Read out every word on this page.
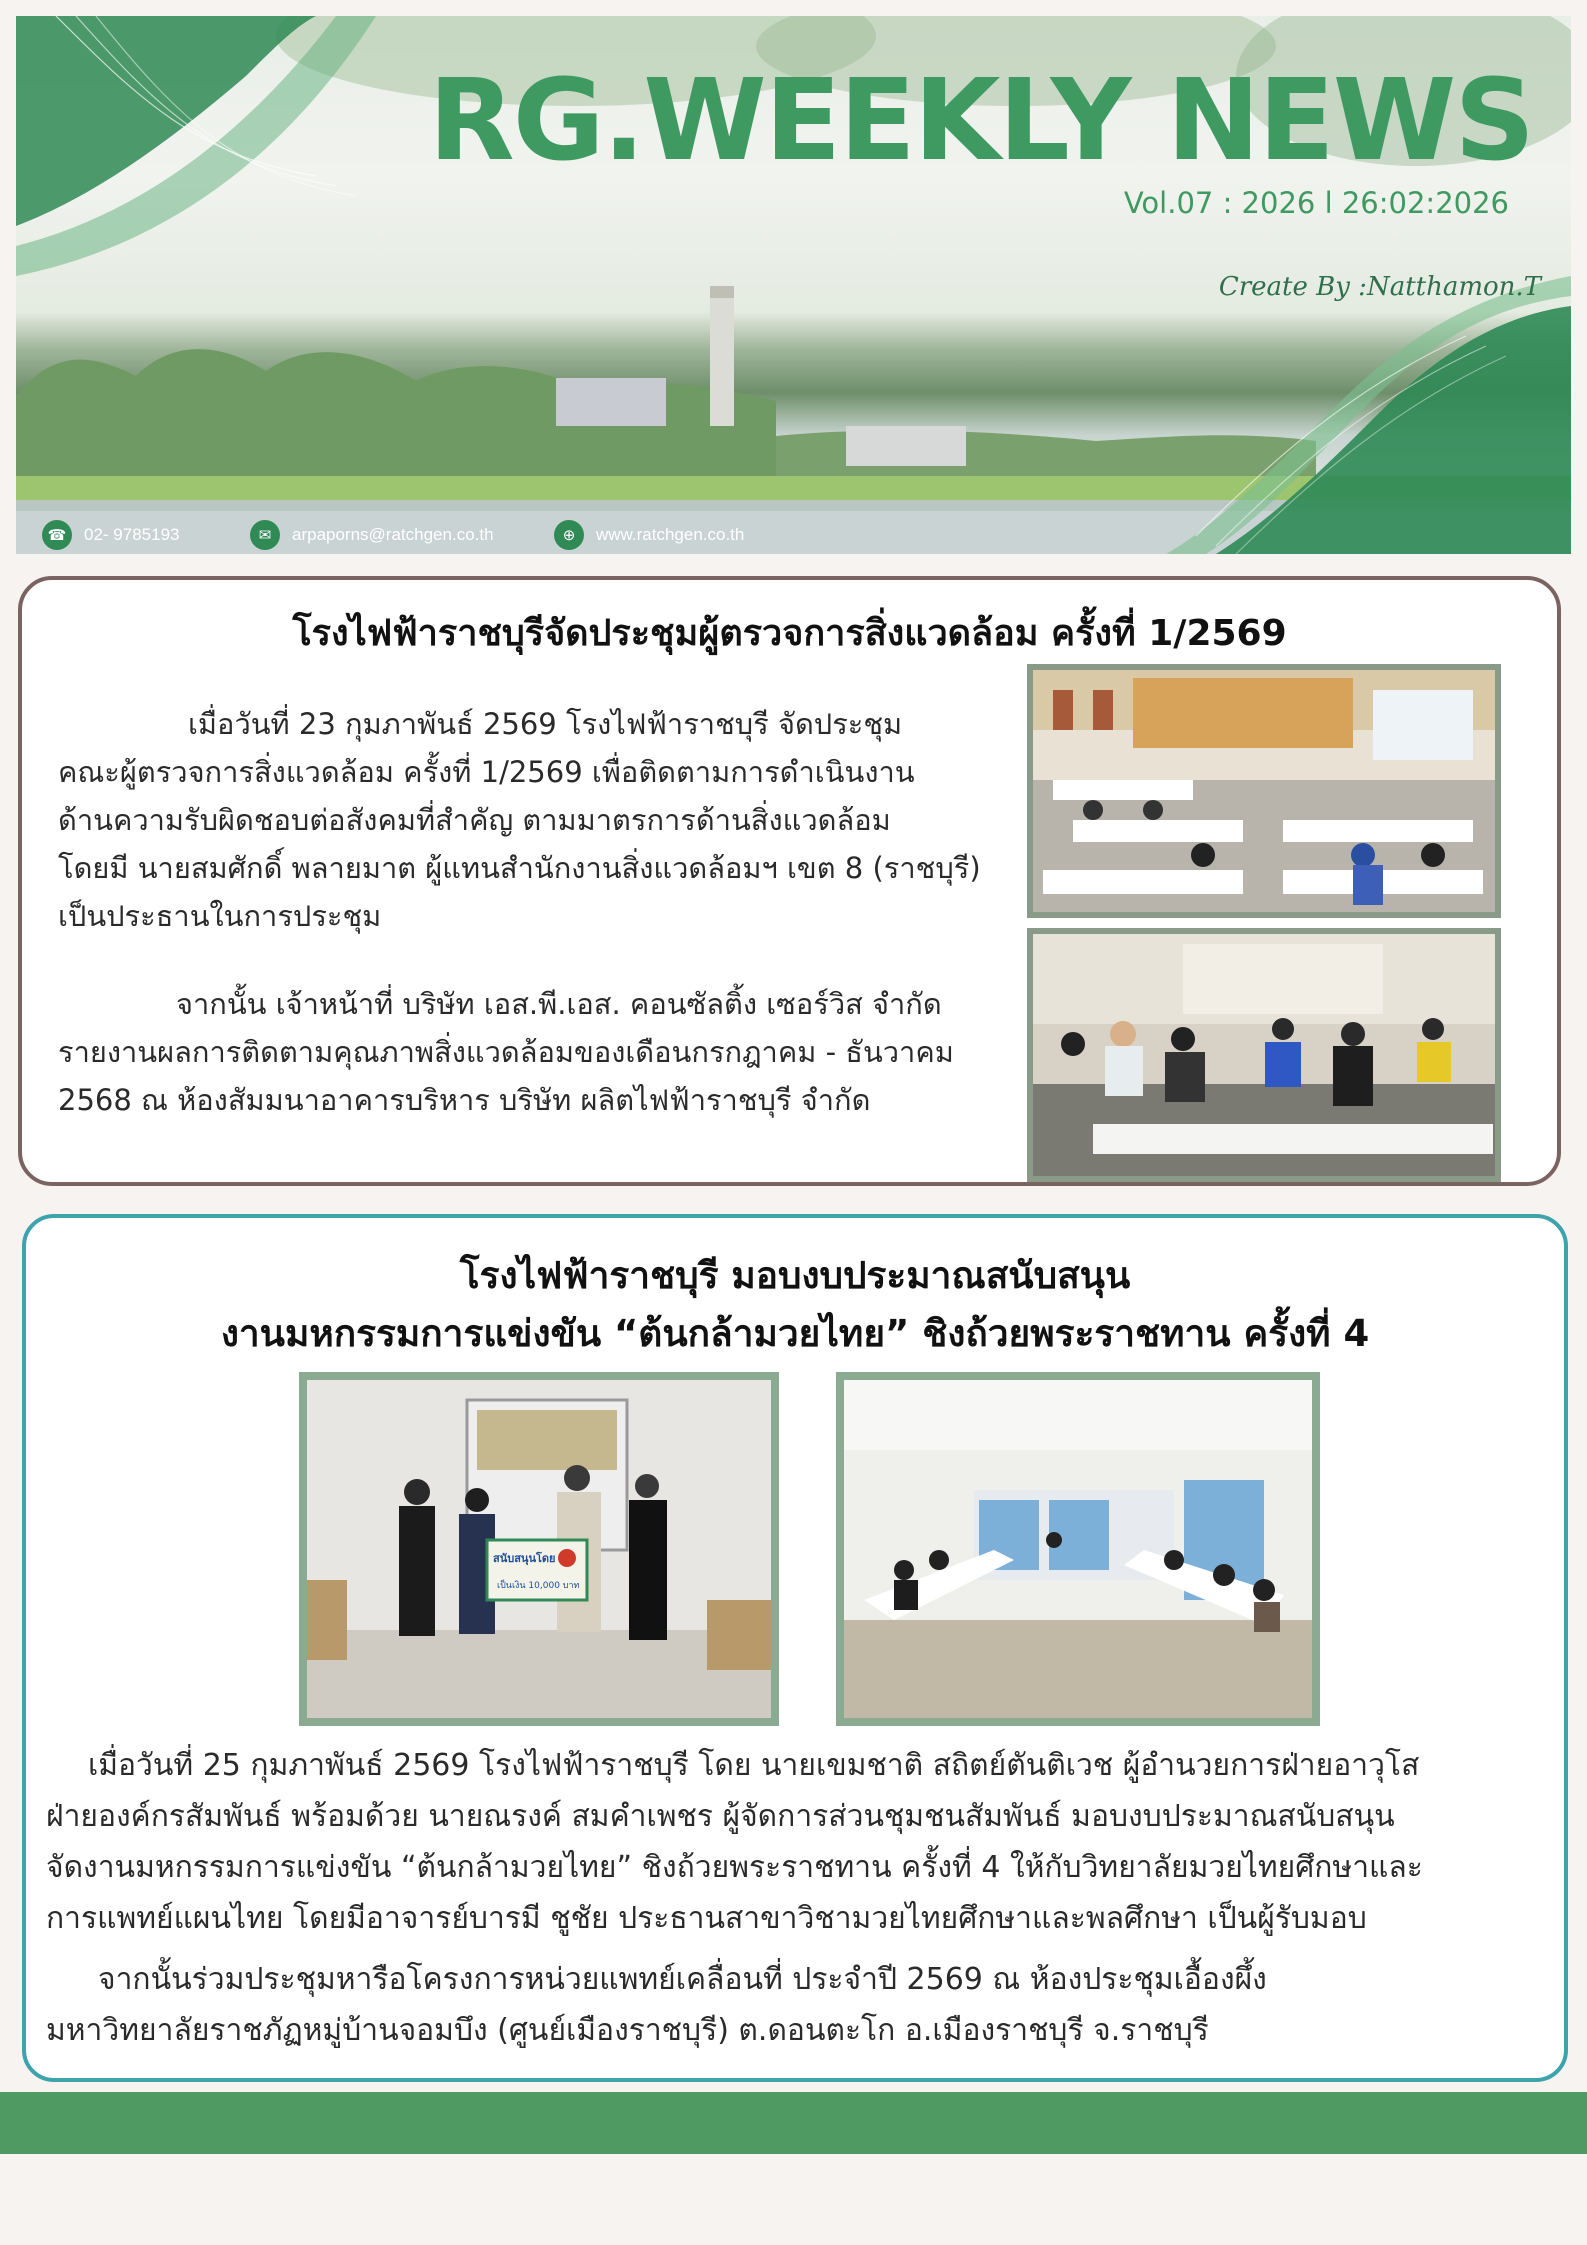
RG.WEEKLY NEWS
Vol.07 : 2026 l 26:02:2026
Create By :Natthamon.T
☎	02- 9785193	✉	arpaporns@ratchgen.co.th	⊕	www.ratchgen.co.th
โรงไฟฟ้าราชบุรีจัดประชุมผู้ตรวจการสิ่งแวดล้อม ครั้งที่ 1/2569
เมื่อวันที่ 23 กุมภาพันธ์ 2569 โรงไฟฟ้าราชบุรี จัดประชุม
คณะผู้ตรวจการสิ่งแวดล้อม ครั้งที่ 1/2569 เพื่อติดตามการดำเนินงาน
ด้านความรับผิดชอบต่อสังคมที่สำคัญ ตามมาตรการด้านสิ่งแวดล้อม
โดยมี นายสมศักดิ์ พลายมาต ผู้แทนสำนักงานสิ่งแวดล้อมฯ เขต 8 (ราชบุรี)
เป็นประธานในการประชุม
จากนั้น เจ้าหน้าที่ บริษัท เอส.พี.เอส. คอนซัลติ้ง เซอร์วิส จำกัด
รายงานผลการติดตามคุณภาพสิ่งแวดล้อมของเดือนกรกฎาคม - ธันวาคม
2568 ณ ห้องสัมมนาอาคารบริหาร บริษัท ผลิตไฟฟ้าราชบุรี จำกัด
โรงไฟฟ้าราชบุรี มอบงบประมาณสนับสนุน
งานมหกรรมการแข่งขัน “ต้นกล้ามวยไทย” ชิงถ้วยพระราชทาน ครั้งที่ 4
สนับสนุนโดย
เป็นเงิน 10,000 บาท
เมื่อวันที่ 25 กุมภาพันธ์ 2569 โรงไฟฟ้าราชบุรี โดย นายเขมชาติ สถิตย์ตันติเวช ผู้อำนวยการฝ่ายอาวุโส
ฝ่ายองค์กรสัมพันธ์ พร้อมด้วย นายณรงค์ สมคำเพชร ผู้จัดการส่วนชุมชนสัมพันธ์ มอบงบประมาณสนับสนุน
จัดงานมหกรรมการแข่งขัน “ต้นกล้ามวยไทย” ชิงถ้วยพระราชทาน ครั้งที่ 4 ให้กับวิทยาลัยมวยไทยศึกษาและ
การแพทย์แผนไทย โดยมีอาจารย์บารมี ชูชัย ประธานสาขาวิชามวยไทยศึกษาและพลศึกษา เป็นผู้รับมอบ
จากนั้นร่วมประชุมหารือโครงการหน่วยแพทย์เคลื่อนที่ ประจำปี 2569 ณ ห้องประชุมเอื้องผึ้ง
มหาวิทยาลัยราชภัฏหมู่บ้านจอมบึง (ศูนย์เมืองราชบุรี) ต.ดอนตะโก อ.เมืองราชบุรี จ.ราชบุรี
